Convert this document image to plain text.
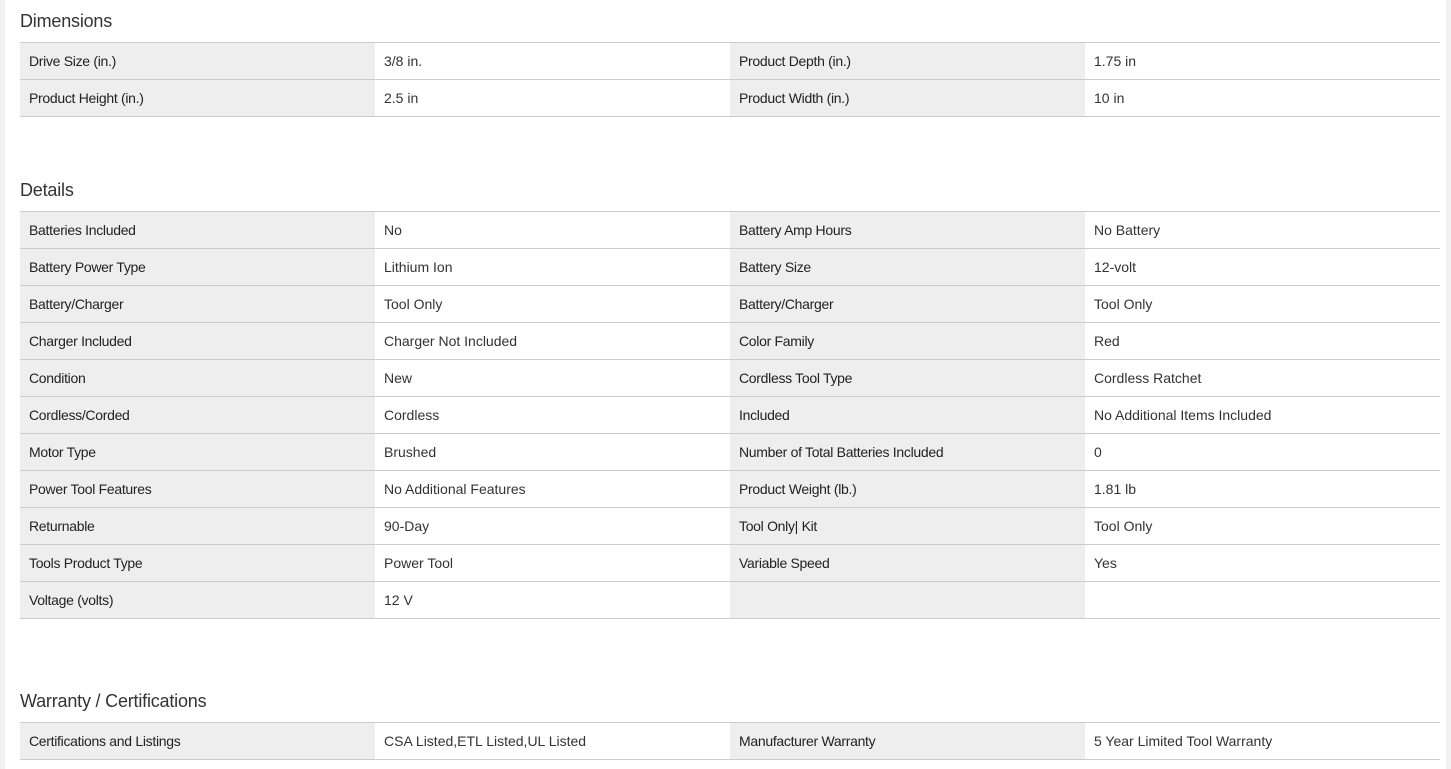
Dimensions
Drive Size (in.)	3/8 in.	Product Depth (in.)	1.75 in
Product Height (in.)	2.5 in	Product Width (in.)	10 in
Details
Batteries Included	No	Battery Amp Hours	No Battery
Battery Power Type	Lithium Ion	Battery Size	12-volt
Battery/Charger	Tool Only	Battery/Charger	Tool Only
Charger Included	Charger Not Included	Color Family	Red
Condition	New	Cordless Tool Type	Cordless Ratchet
Cordless/Corded	Cordless	Included	No Additional Items Included
Motor Type	Brushed	Number of Total Batteries Included	0
Power Tool Features	No Additional Features	Product Weight (lb.)	1.81 lb
Returnable	90-Day	Tool Only| Kit	Tool Only
Tools Product Type	Power Tool	Variable Speed	Yes
Voltage (volts)	12 V		
Warranty / Certifications
Certifications and Listings	CSA Listed,ETL Listed,UL Listed	Manufacturer Warranty	5 Year Limited Tool Warranty
